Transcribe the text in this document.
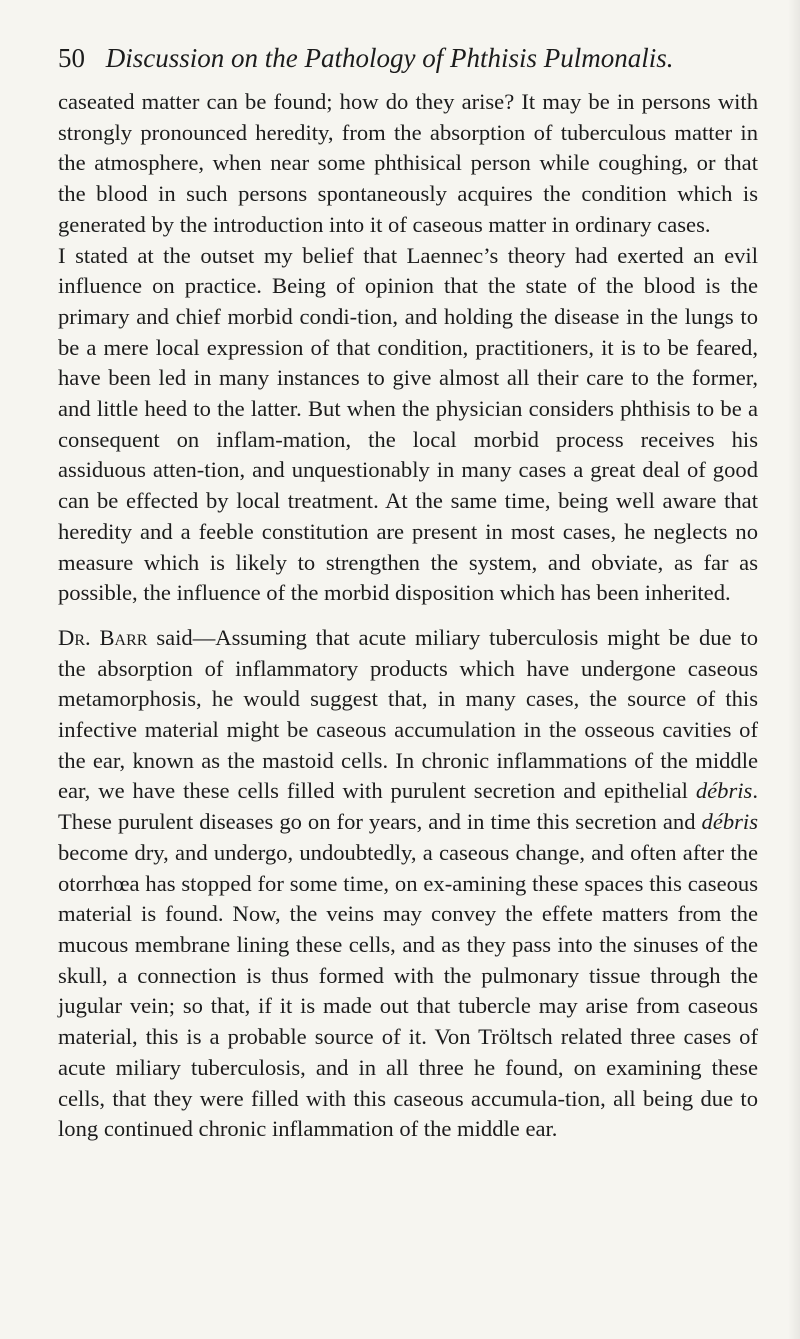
50 Discussion on the Pathology of Phthisis Pulmonalis.

caseated matter can be found; how do they arise? It may be in persons with strongly pronounced heredity, from the absorption of tuberculous matter in the atmosphere, when near some phthisical person while coughing, or that the blood in such persons spontaneously acquires the condition which is generated by the introduction into it of caseous matter in ordinary cases.

I stated at the outset my belief that Laennec’s theory had exerted an evil influence on practice. Being of opinion that the state of the blood is the primary and chief morbid condi-tion, and holding the disease in the lungs to be a mere local expression of that condition, practitioners, it is to be feared, have been led in many instances to give almost all their care to the former, and little heed to the latter. But when the physician considers phthisis to be a consequent on inflam-mation, the local morbid process receives his assiduous atten-tion, and unquestionably in many cases a great deal of good can be effected by local treatment. At the same time, being well aware that heredity and a feeble constitution are present in most cases, he neglects no measure which is likely to strengthen the system, and obviate, as far as possible, the influence of the morbid disposition which has been inherited.

Dr. Barr said—Assuming that acute miliary tuberculosis might be due to the absorption of inflammatory products which have undergone caseous metamorphosis, he would suggest that, in many cases, the source of this infective material might be caseous accumulation in the osseous cavities of the ear, known as the mastoid cells. In chronic inflammations of the middle ear, we have these cells filled with purulent secretion and epithelial débris. These purulent diseases go on for years, and in time this secretion and débris become dry, and undergo, undoubtedly, a caseous change, and often after the otorrhœa has stopped for some time, on ex-amining these spaces this caseous material is found. Now, the veins may convey the effete matters from the mucous membrane lining these cells, and as they pass into the sinuses of the skull, a connection is thus formed with the pulmonary tissue through the jugular vein; so that, if it is made out that tubercle may arise from caseous material, this is a probable source of it. Von Tröltsch related three cases of acute miliary tuberculosis, and in all three he found, on examining these cells, that they were filled with this caseous accumula-tion, all being due to long continued chronic inflammation of the middle ear.
